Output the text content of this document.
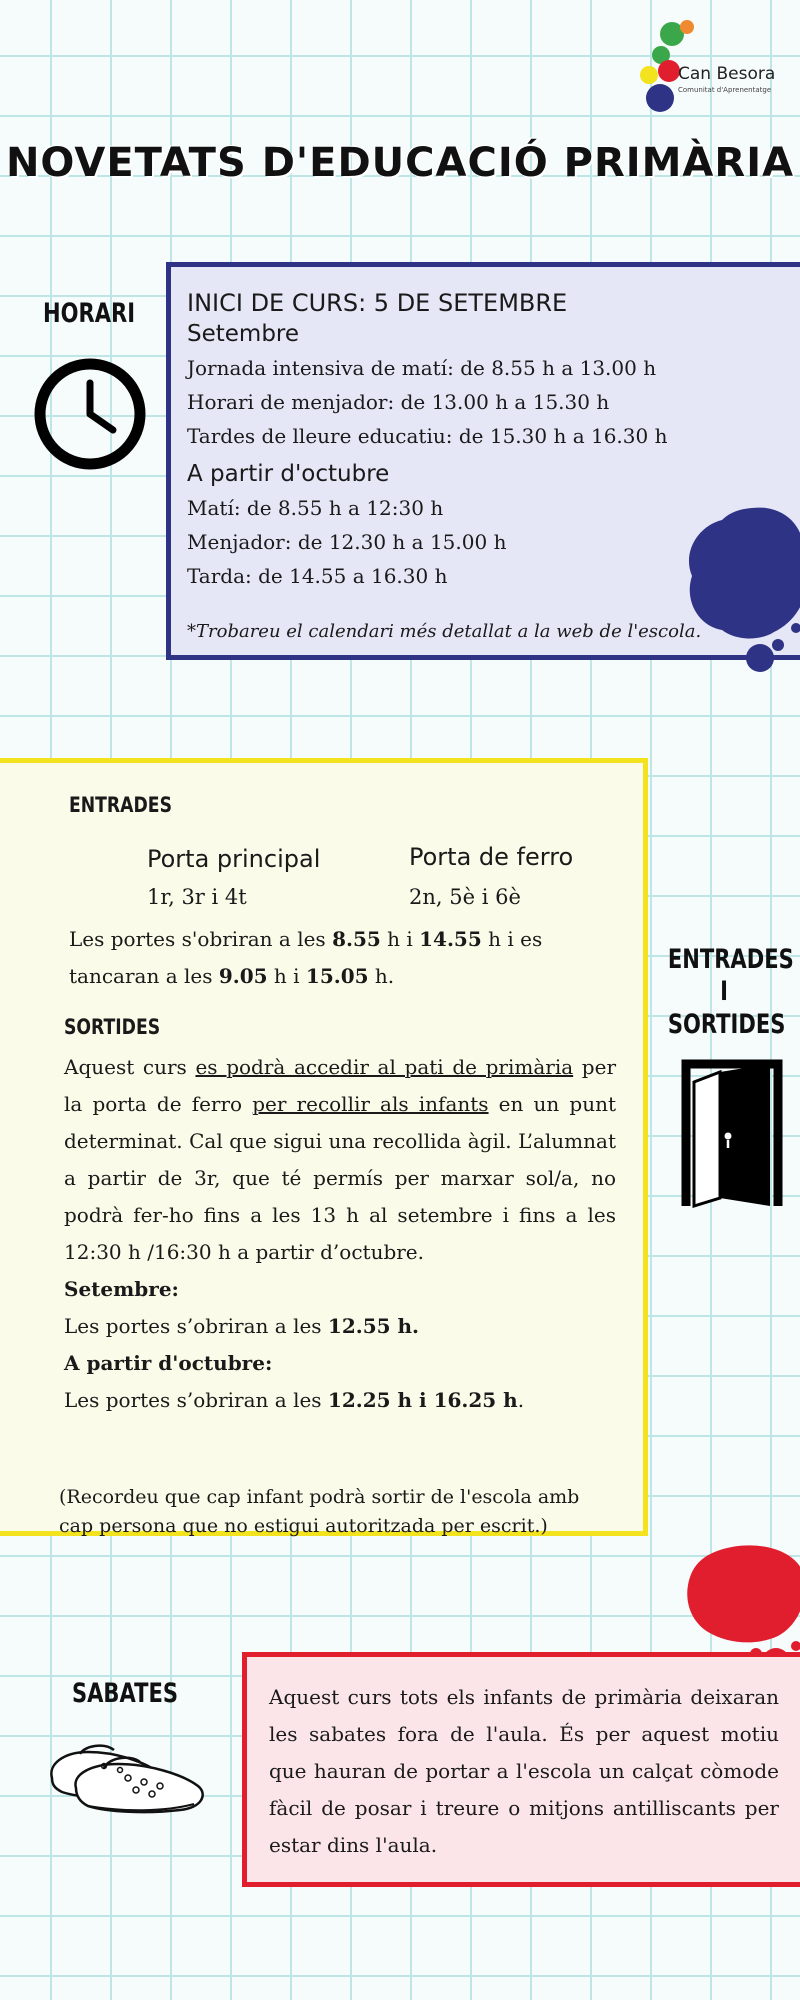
Can Besora
Comunitat d'Aprenentatge
NOVETATS D'EDUCACIÓ PRIMÀRIA
HORARI INICI DE CURS: 5 DE SETEMBRE
Setembre

Jornada intensiva de matí: de 8.55 h a 13.00 h

Horari de menjador: de 13.00 h a 15.30 h

Tardes de lleure educatiu: de 15.30 h a 16.30 h

A partir d'octubre

Matí: de 8.55 h a 12:30 h

Menjador: de 12.30 h a 15.00 h

Tarda: de 14.55 a 16.30 h

*Trobareu el calendari més detallat a la web de l'escola.
ENTRADES
Porta principal
1r, 3r i 4t
Porta de ferro
2n, 5è i 6è

Les portes s'obriran a les 8.55 h i 14.55 h i es
tancaran a les 9.05 h i 15.05 h.

SORTIDES

Aquest curs es podrà accedir al pati de primària per la porta de ferro per recollir als infants en un punt determinat. Cal que sigui una recollida àgil. L’alumnat a partir de 3r, que té permís per marxar sol/a, no podrà fer-ho fins a les 13 h al setembre i fins a les 12:30 h /16:30 h a partir d’octubre.

Setembre:

Les portes s’obriran a les 12.55 h.

A partir d'octubre:

Les portes s’obriran a les 12.25 h i 16.25 h.

(Recordeu que cap infant podrà sortir de l'escola amb
cap persona que no estigui autoritzada per escrit.)
ENTRADES I
SORTIDES
SABATES	Aquest curs tots els infants de primària deixaran les sabates fora de l'aula. És per aquest motiu que hauran de portar a l'escola un calçat còmode fàcil de posar i treure o mitjons antilliscants per estar dins l'aula.
